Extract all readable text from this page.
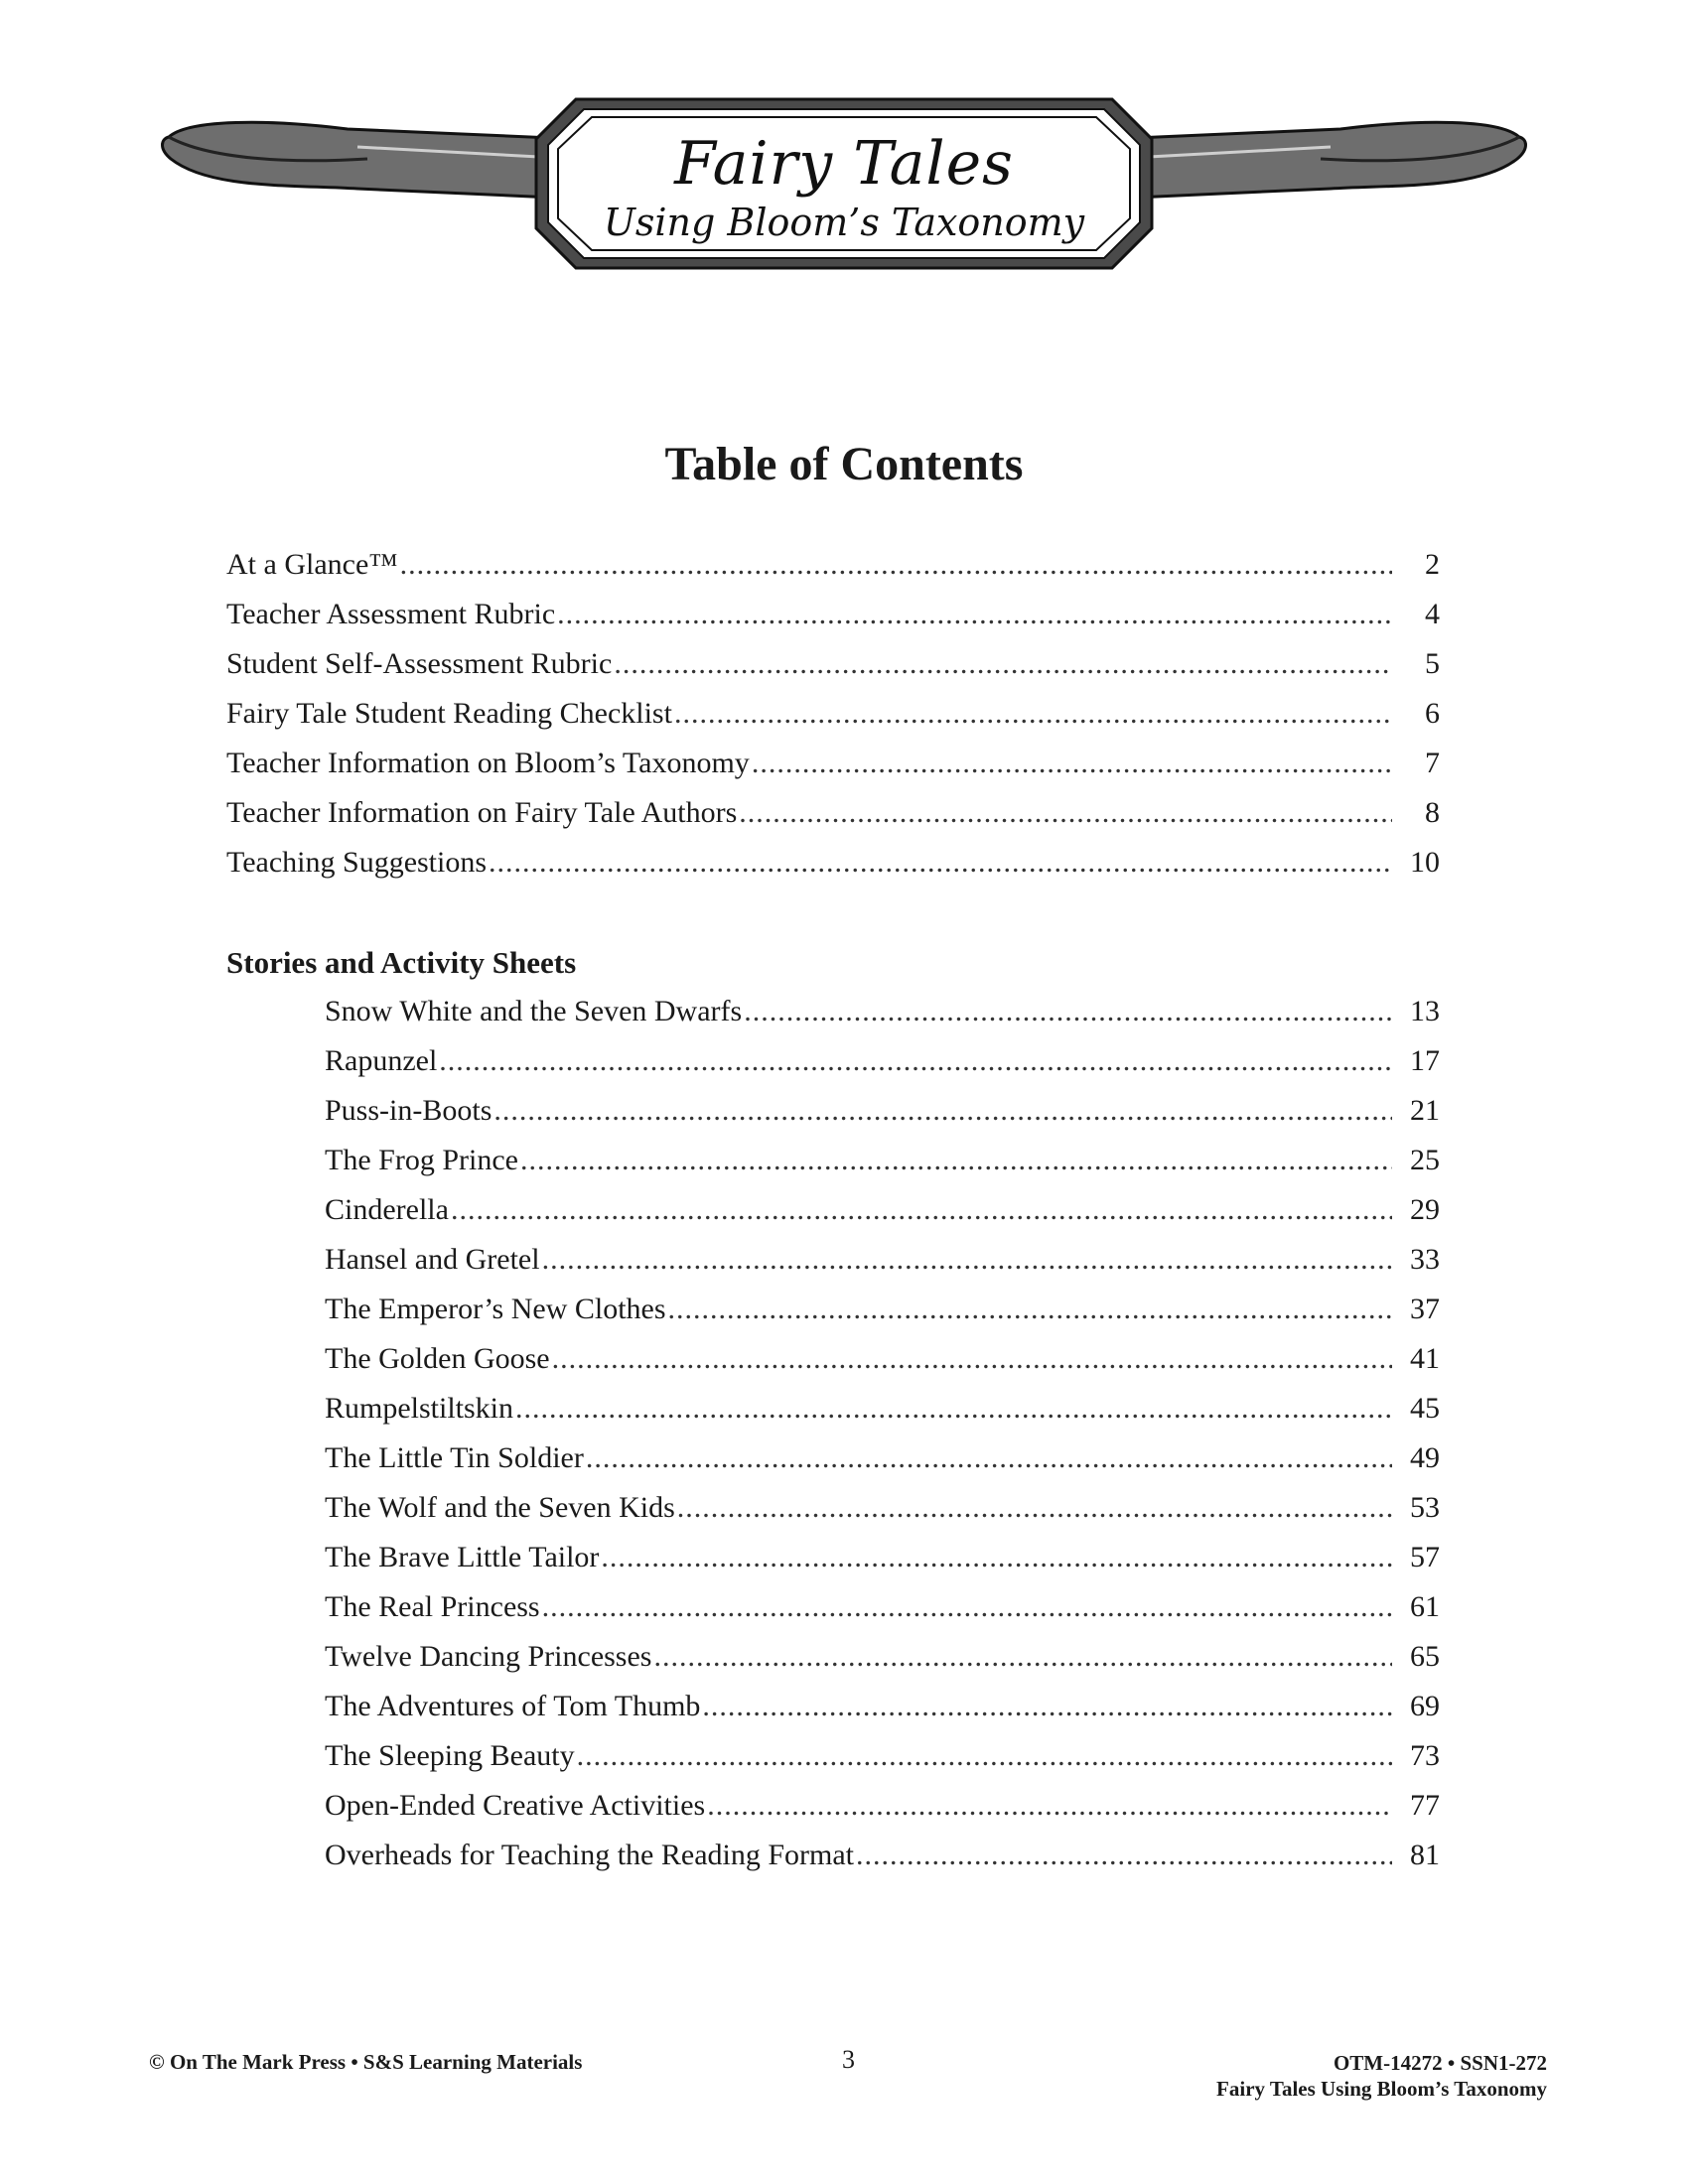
Fairy Tales
Using Bloom’s Taxonomy
Table of Contents
At a Glance™ .....	2
Teacher Assessment Rubric .....	4
Student Self-Assessment Rubric .....	5
Fairy Tale Student Reading Checklist .....	6
Teacher Information on Bloom’s Taxonomy .....	7
Teacher Information on Fairy Tale Authors .....	8
Teaching Suggestions .....	10
Stories and Activity Sheets
Snow White and the Seven Dwarfs .....	13
Rapunzel .....	17
Puss-in-Boots .....	21
The Frog Prince .....	25
Cinderella .....	29
Hansel and Gretel .....	33
The Emperor’s New Clothes .....	37
The Golden Goose .....	41
Rumpelstiltskin .....	45
The Little Tin Soldier .....	49
The Wolf and the Seven Kids .....	53
The Brave Little Tailor .....	57
The Real Princess .....	61
Twelve Dancing Princesses .....	65
The Adventures of Tom Thumb .....	69
The Sleeping Beauty .....	73
Open-Ended Creative Activities .....	77
Overheads for Teaching the Reading Format .....	81
© On The Mark Press • S&S Learning Materials	3	OTM-14272 • SSN1-272
Fairy Tales Using Bloom’s Taxonomy
